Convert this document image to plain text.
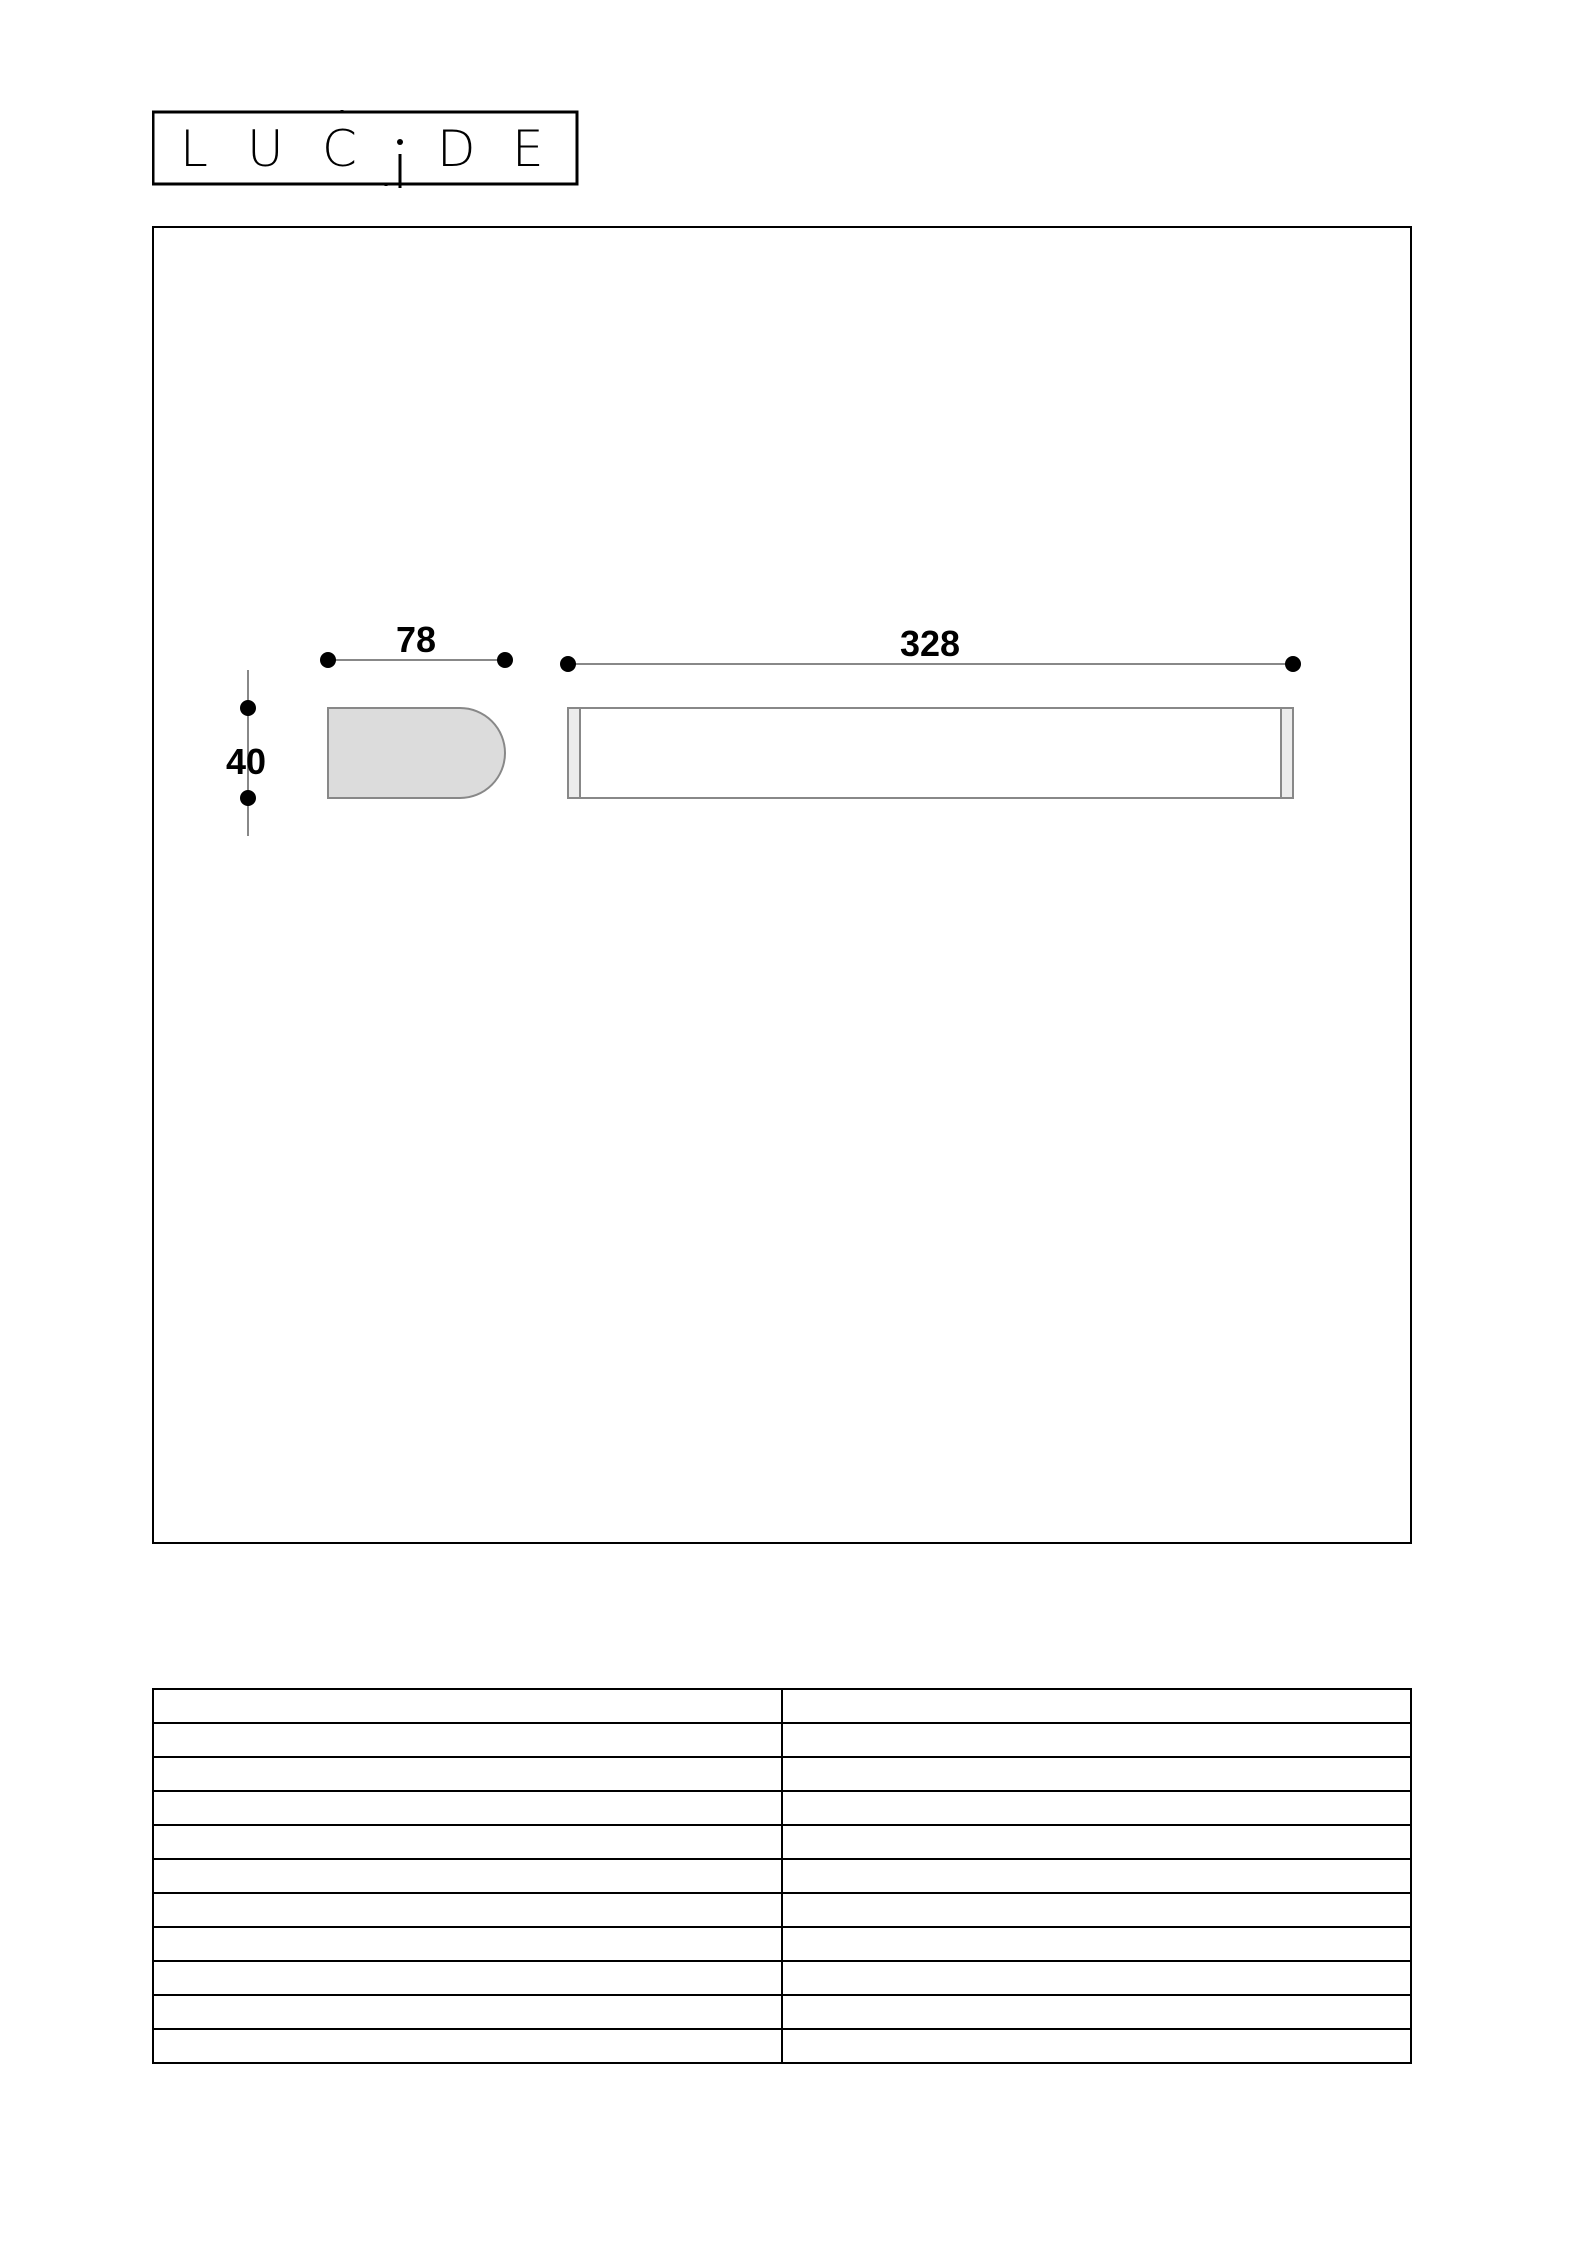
L U C D E
78	328
40
